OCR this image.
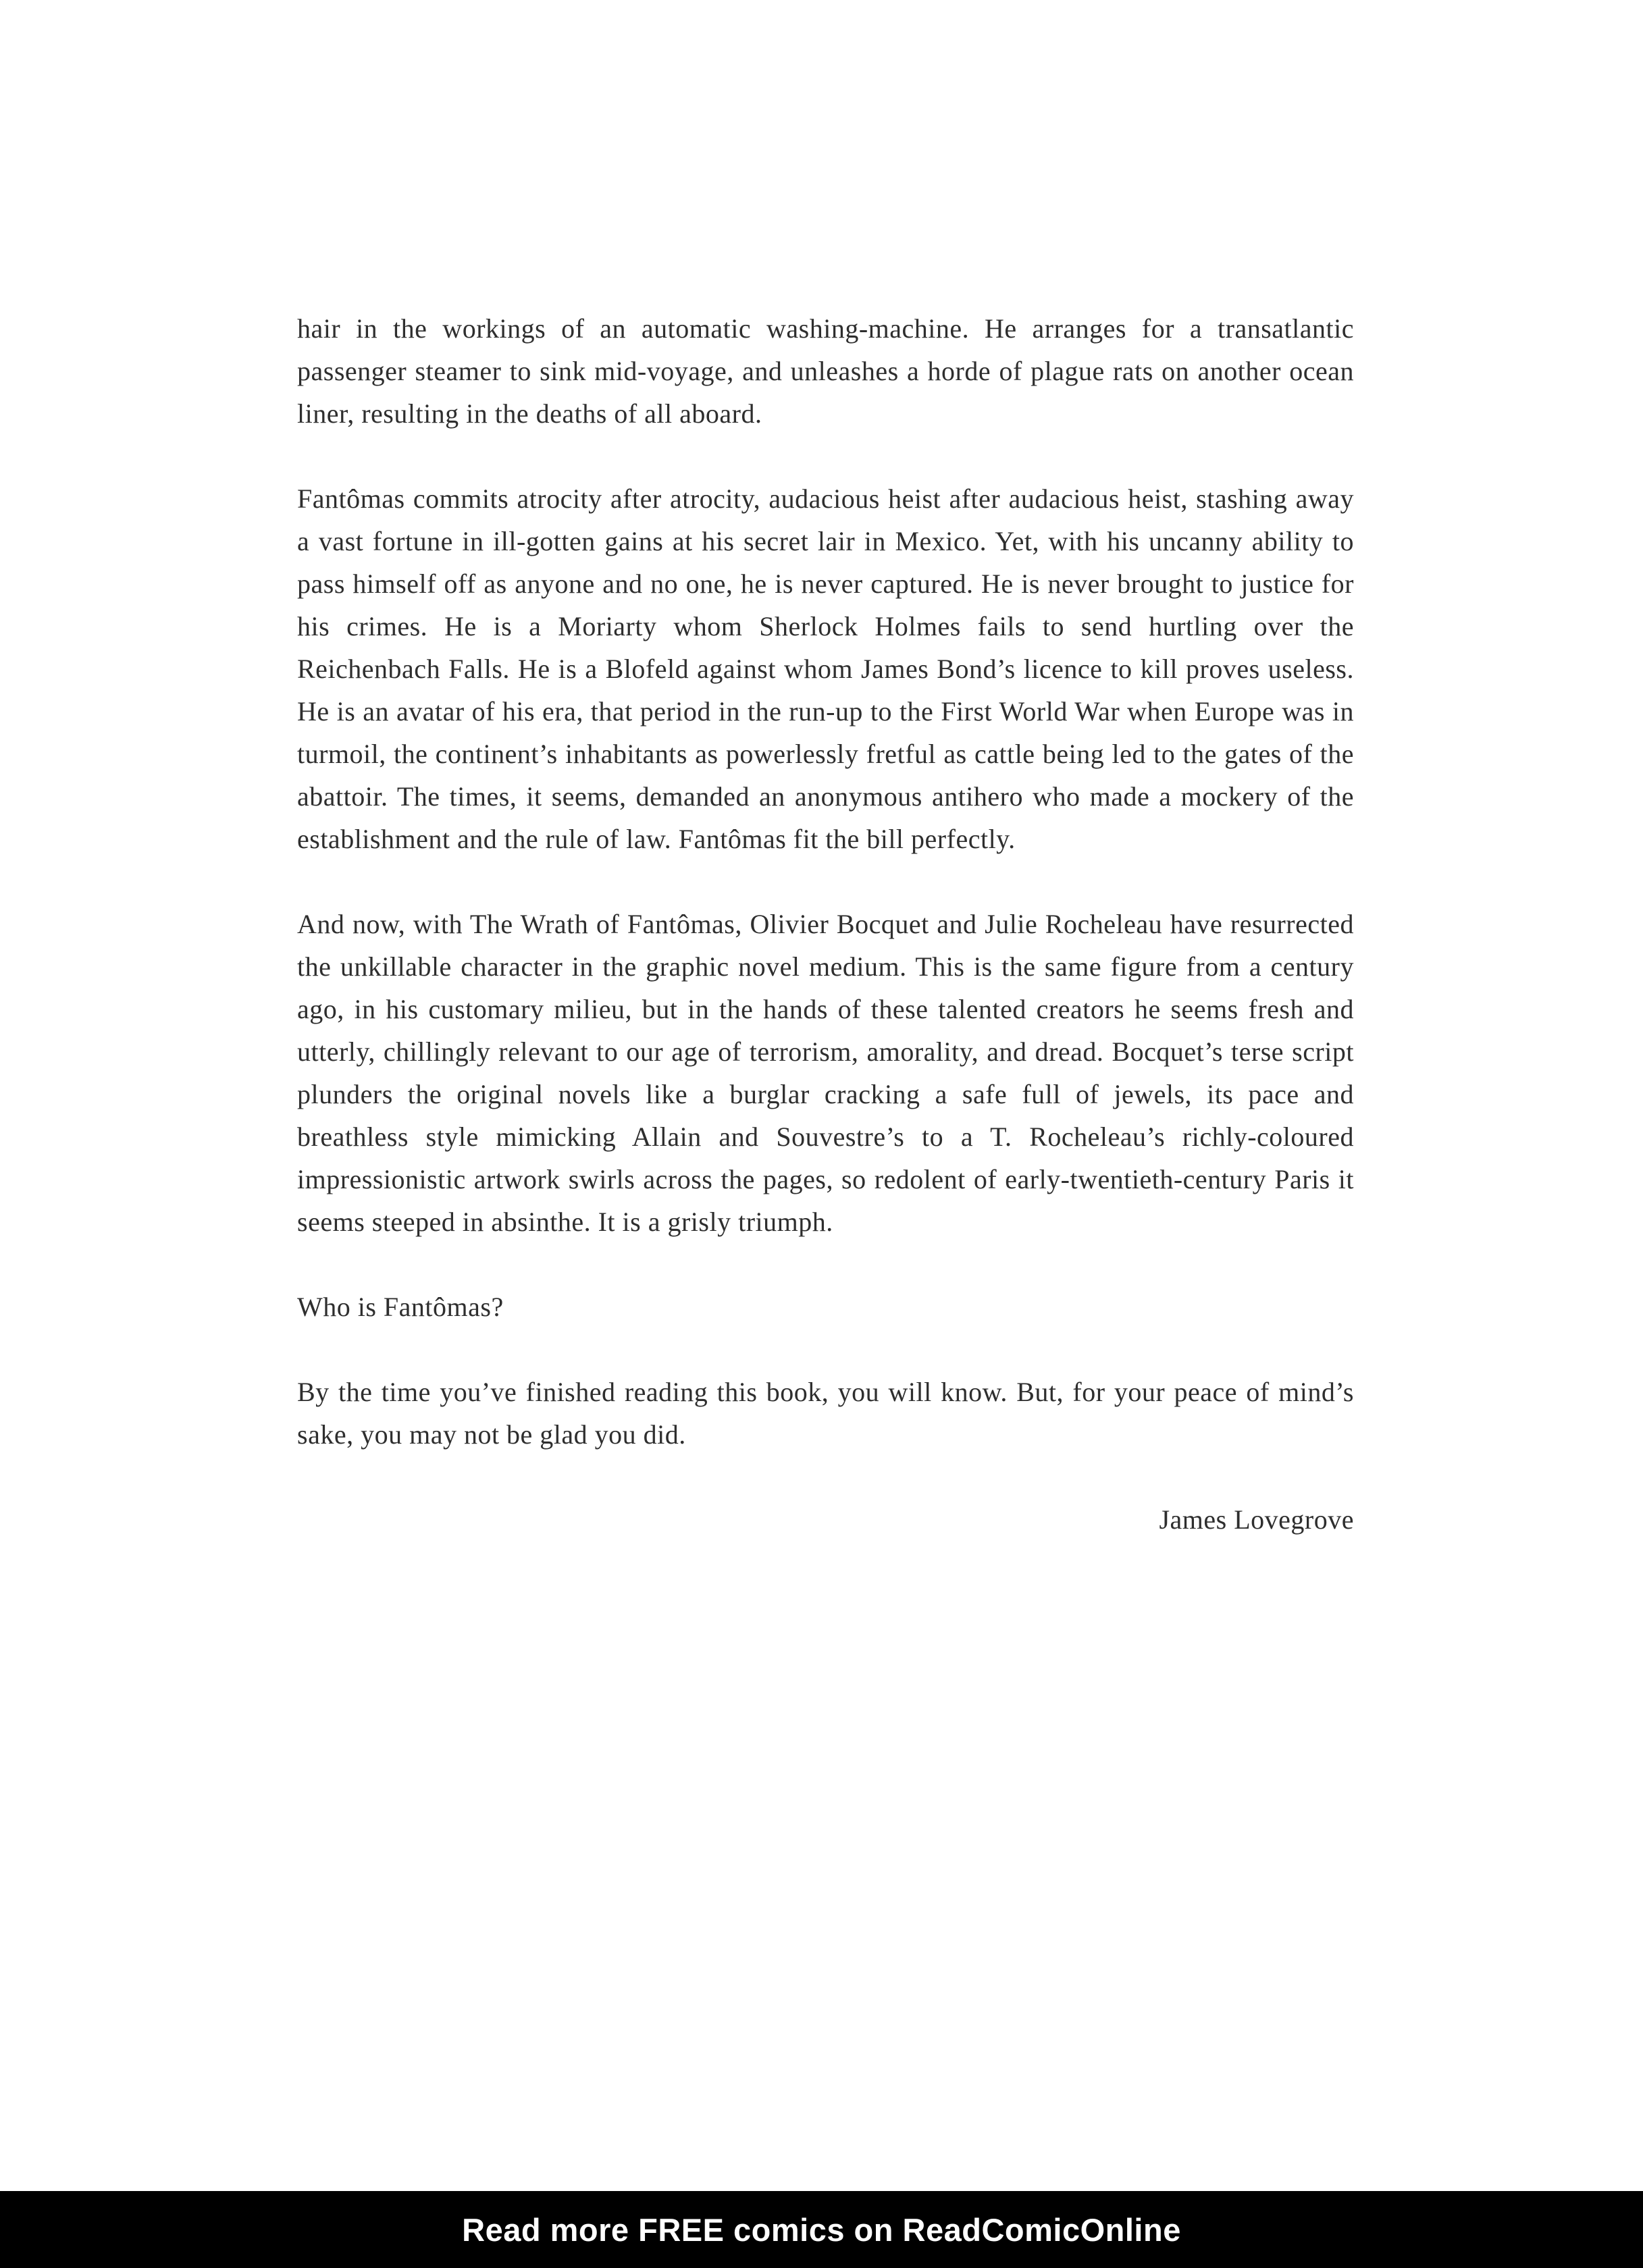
hair in the workings of an automatic washing-machine. He arranges for a transatlantic passenger steamer to sink mid-voyage, and unleashes a horde of plague rats on another ocean liner, resulting in the deaths of all aboard.

Fantômas commits atrocity after atrocity, audacious heist after audacious heist, stashing away a vast fortune in ill-gotten gains at his secret lair in Mexico. Yet, with his uncanny ability to pass himself off as anyone and no one, he is never captured. He is never brought to justice for his crimes. He is a Moriarty whom Sherlock Holmes fails to send hurtling over the Reichenbach Falls. He is a Blofeld against whom James Bond’s licence to kill proves useless. He is an avatar of his era, that period in the run-up to the First World War when Europe was in turmoil, the continent’s inhabitants as powerlessly fretful as cattle being led to the gates of the abattoir. The times, it seems, demanded an anonymous antihero who made a mockery of the establishment and the rule of law. Fantômas fit the bill perfectly.

And now, with The Wrath of Fantômas, Olivier Bocquet and Julie Rocheleau have resurrected the unkillable character in the graphic novel medium. This is the same figure from a century ago, in his customary milieu, but in the hands of these talented creators he seems fresh and utterly, chillingly relevant to our age of terrorism, amorality, and dread. Bocquet’s terse script plunders the original novels like a burglar cracking a safe full of jewels, its pace and breathless style mimicking Allain and Souvestre’s to a T. Rocheleau’s richly-coloured impressionistic artwork swirls across the pages, so redolent of early-twentieth-century Paris it seems steeped in absinthe. It is a grisly triumph.

Who is Fantômas?

By the time you’ve finished reading this book, you will know. But, for your peace of mind’s sake, you may not be glad you did.

James Lovegrove

Read more FREE comics on ReadComicOnline
